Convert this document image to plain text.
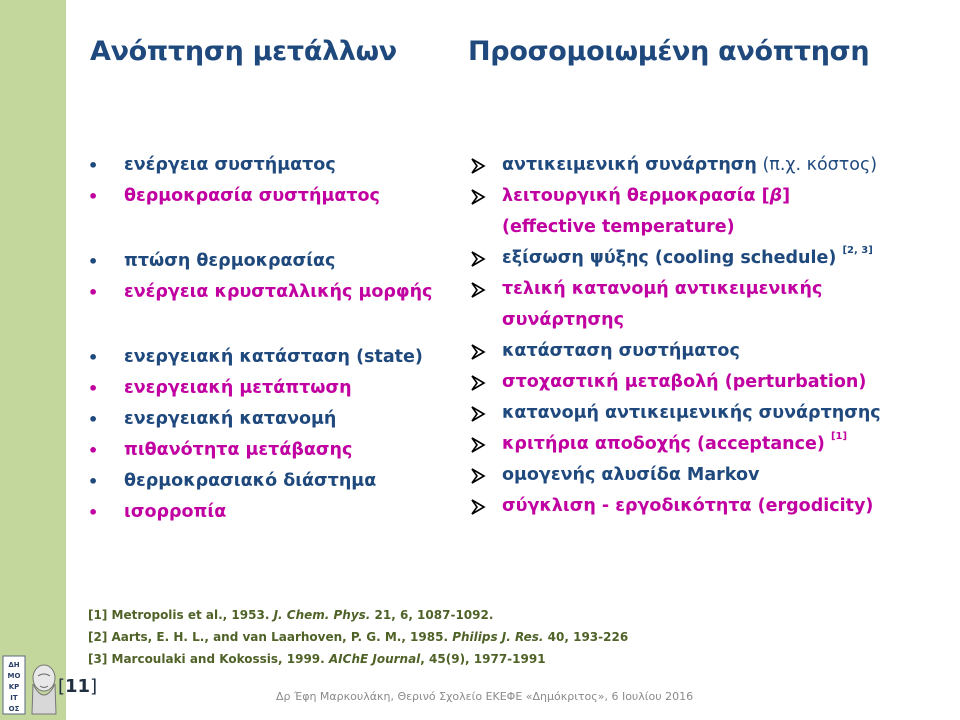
Ανόπτηση μετάλλων	Προσομοιωμένη ανόπτηση
• ενέργεια συστήματος
• θερμοκρασία συστήματος
• πτώση θερμοκρασίας
• ενέργεια κρυσταλλικής μορφής
• ενεργειακή κατάσταση (state)
• ενεργειακή μετάπτωση
• ενεργειακή κατανομή
• πιθανότητα μετάβασης
• θερμοκρασιακό διάστημα
• ισορροπία
αντικειμενική συνάρτηση (π.χ. κόστος)
λειτουργική θερμοκρασία [β]
(effective temperature)
εξίσωση ψύξης (cooling schedule) [2, 3]
τελική κατανομή αντικειμενικής
συνάρτησης
κατάσταση συστήματος
στοχαστική μεταβολή (perturbation)
κατανομή αντικειμενικής συνάρτησης
κριτήρια αποδοχής (acceptance) [1]
ομογενής αλυσίδα Markov
σύγκλιση - εργοδικότητα (ergodicity)
[1] Metropolis et al., 1953. J. Chem. Phys. 21, 6, 1087-1092.
[2] Aarts, E. H. L., and van Laarhoven, P. G. M., 1985. Philips J. Res. 40, 193-226
[3] Marcoulaki and Kokossis, 1999. AIChE Journal, 45(9), 1977-1991
ΔΗ
ΜΟ
ΚΡ
ΙΤ
ΟΣ
[11]	Δρ Έφη Μαρκουλάκη, Θερινό Σχολείο ΕΚΕΦΕ «Δημόκριτος», 6 Ιουλίου 2016
